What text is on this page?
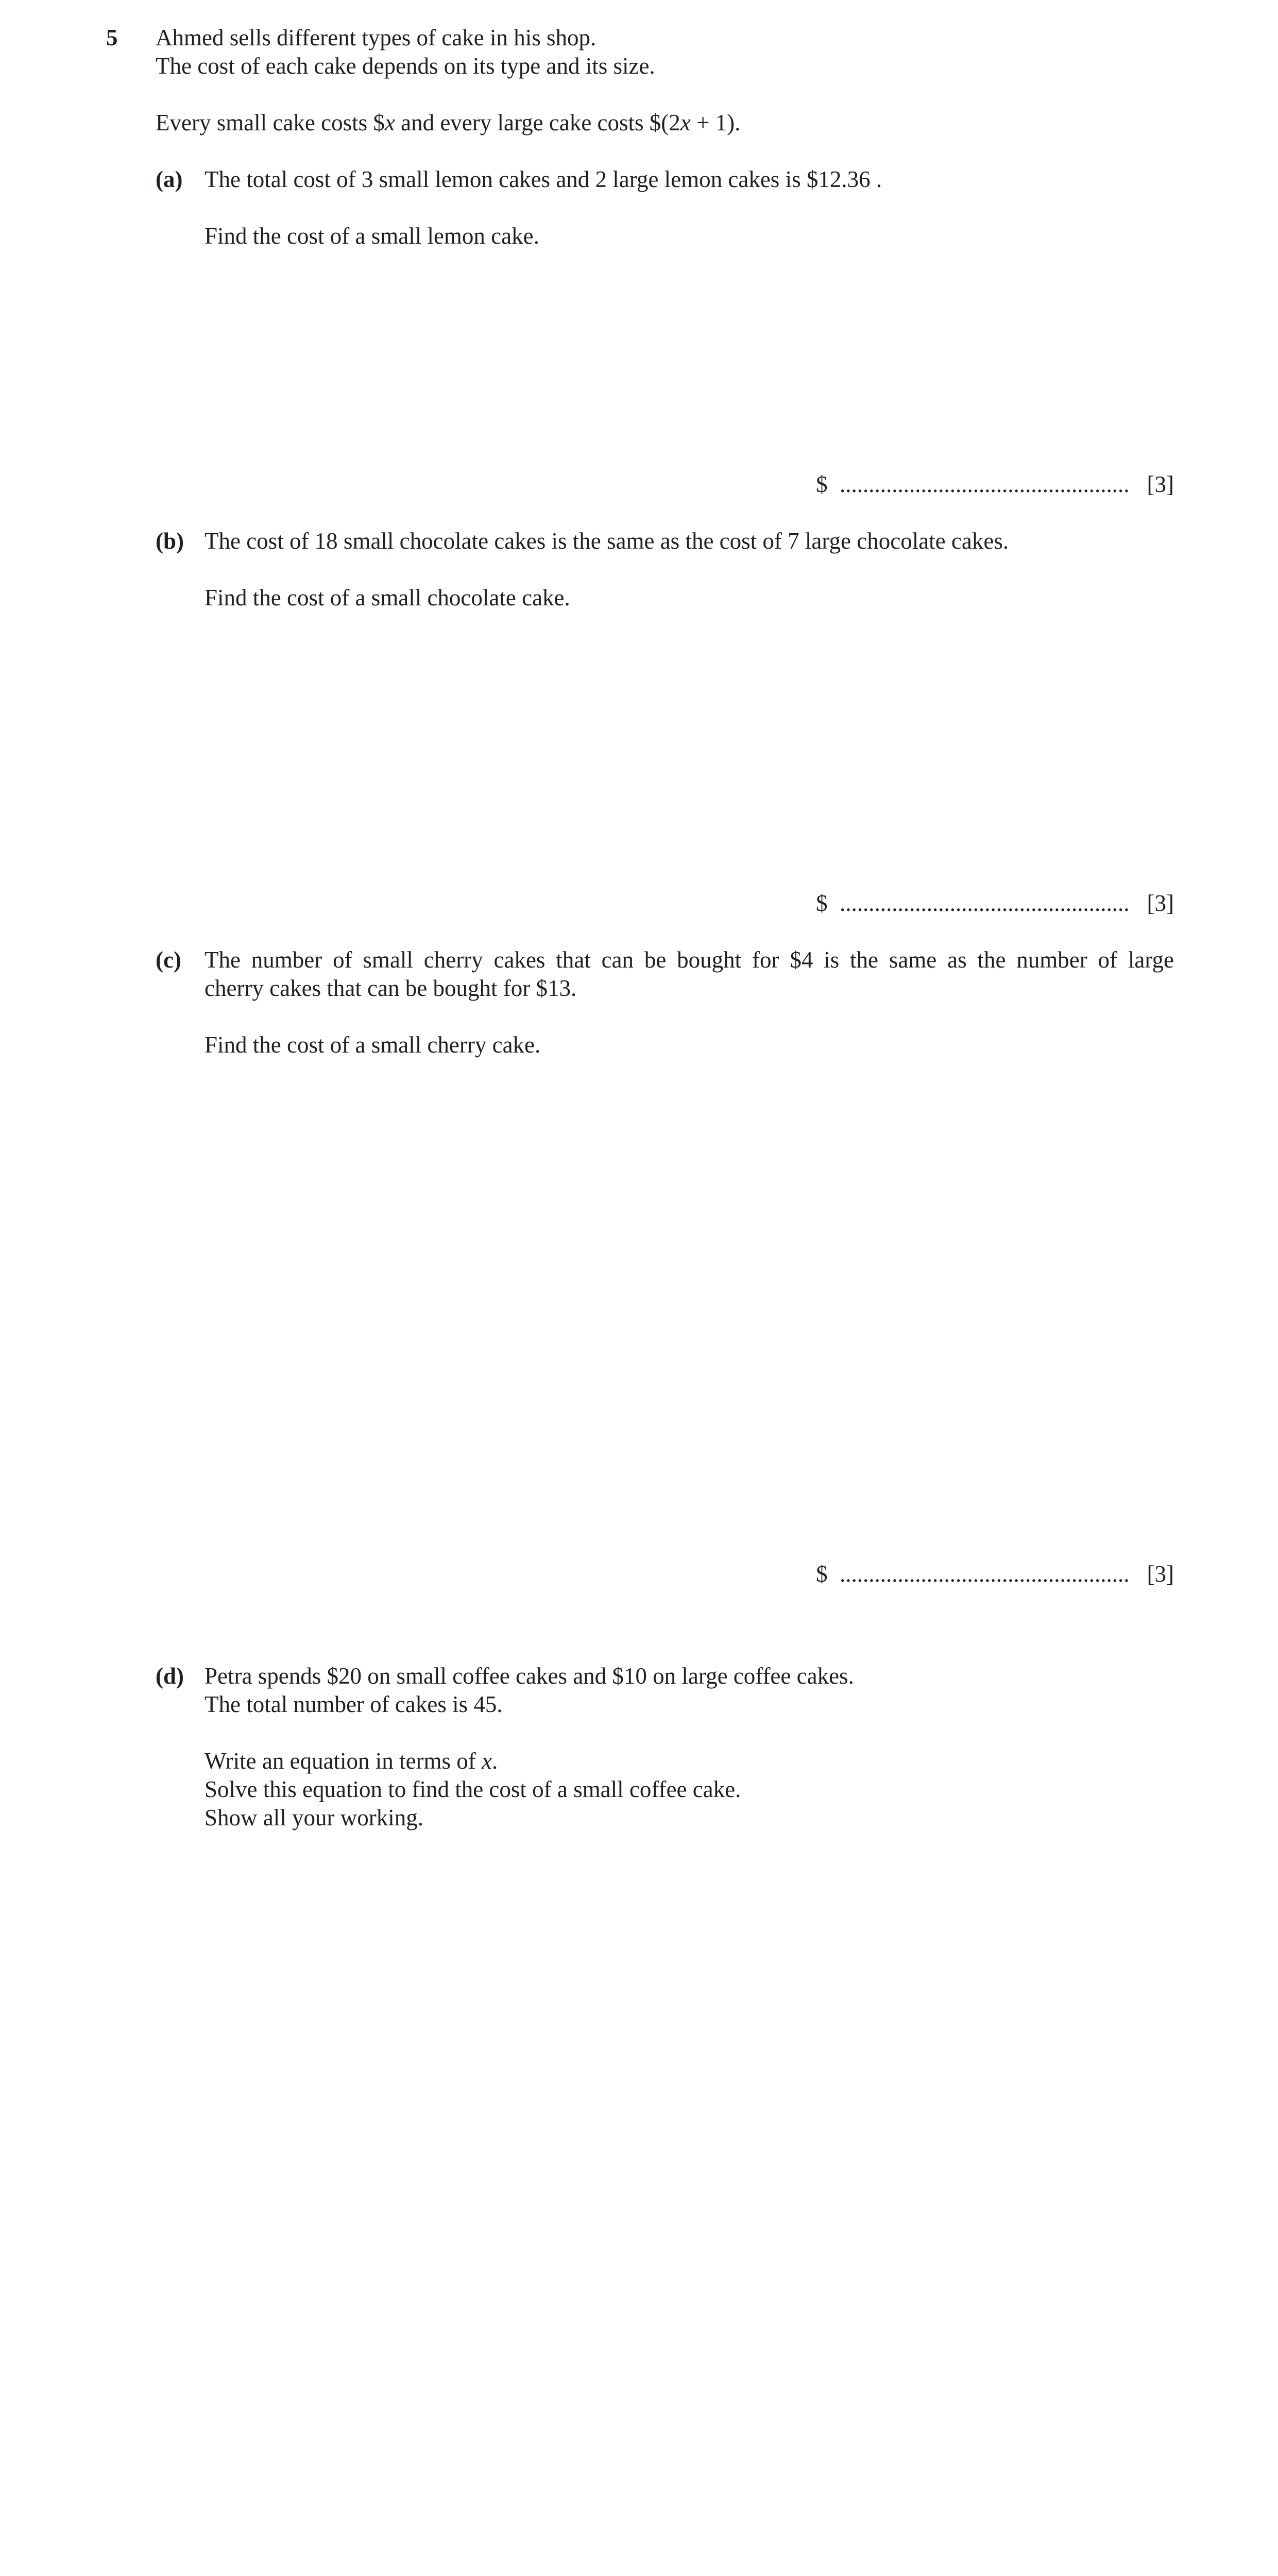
5 Ahmed sells different types of cake in his shop.
The cost of each cake depends on its type and its size.
Every small cake costs $x and every large cake costs $(2x + 1).
(a) The total cost of 3 small lemon cakes and 2 large lemon cakes is $12.36 .
Find the cost of a small lemon cake.
$ .................................................. [3]
(b) The cost of 18 small chocolate cakes is the same as the cost of 7 large chocolate cakes.
Find the cost of a small chocolate cake.
$ .................................................. [3]
(c) The number of small cherry cakes that can be bought for $4 is the same as the number of large
cherry cakes that can be bought for $13.
Find the cost of a small cherry cake.
$ .................................................. [3]
(d) Petra spends $20 on small coffee cakes and $10 on large coffee cakes.
The total number of cakes is 45.
Write an equation in terms of x.
Solve this equation to find the cost of a small coffee cake.
Show all your working.
